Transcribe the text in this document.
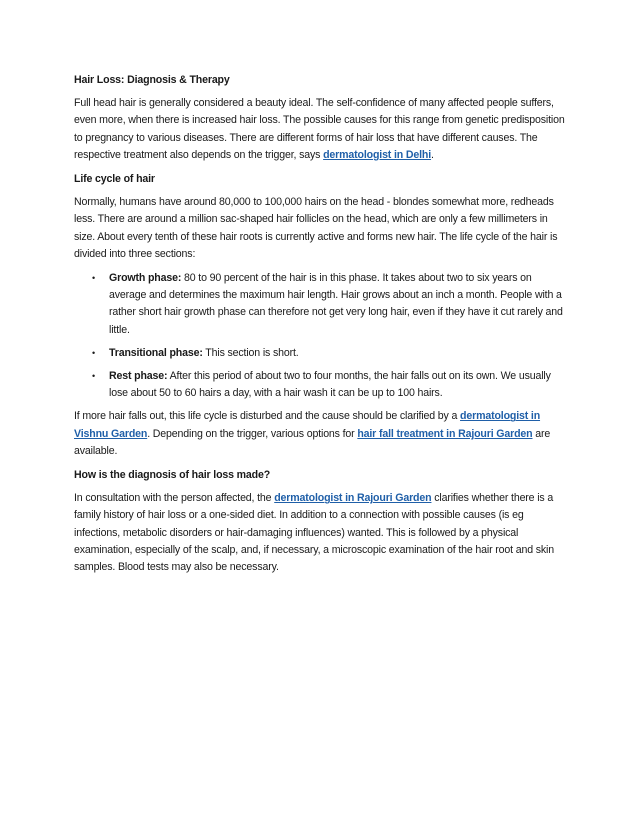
Hair Loss: Diagnosis & Therapy

Full head hair is generally considered a beauty ideal. The self-confidence of many affected people suffers, even more, when there is increased hair loss. The possible causes for this range from genetic predisposition to pregnancy to various diseases. There are different forms of hair loss that have different causes. The respective treatment also depends on the trigger, says dermatologist in Delhi.

Life cycle of hair

Normally, humans have around 80,000 to 100,000 hairs on the head - blondes somewhat more, redheads less. There are around a million sac-shaped hair follicles on the head, which are only a few millimeters in size. About every tenth of these hair roots is currently active and forms new hair. The life cycle of the hair is divided into three sections:

• Growth phase: 80 to 90 percent of the hair is in this phase. It takes about two to six years on average and determines the maximum hair length. Hair grows about an inch a month. People with a rather short hair growth phase can therefore not get very long hair, even if they have it cut rarely and little.
• Transitional phase: This section is short.
• Rest phase: After this period of about two to four months, the hair falls out on its own. We usually lose about 50 to 60 hairs a day, with a hair wash it can be up to 100 hairs.

If more hair falls out, this life cycle is disturbed and the cause should be clarified by a dermatologist in Vishnu Garden. Depending on the trigger, various options for hair fall treatment in Rajouri Garden are available.

How is the diagnosis of hair loss made?

In consultation with the person affected, the dermatologist in Rajouri Garden clarifies whether there is a family history of hair loss or a one-sided diet. In addition to a connection with possible causes (is eg infections, metabolic disorders or hair-damaging influences) wanted. This is followed by a physical examination, especially of the scalp, and, if necessary, a microscopic examination of the hair root and skin samples. Blood tests may also be necessary.
